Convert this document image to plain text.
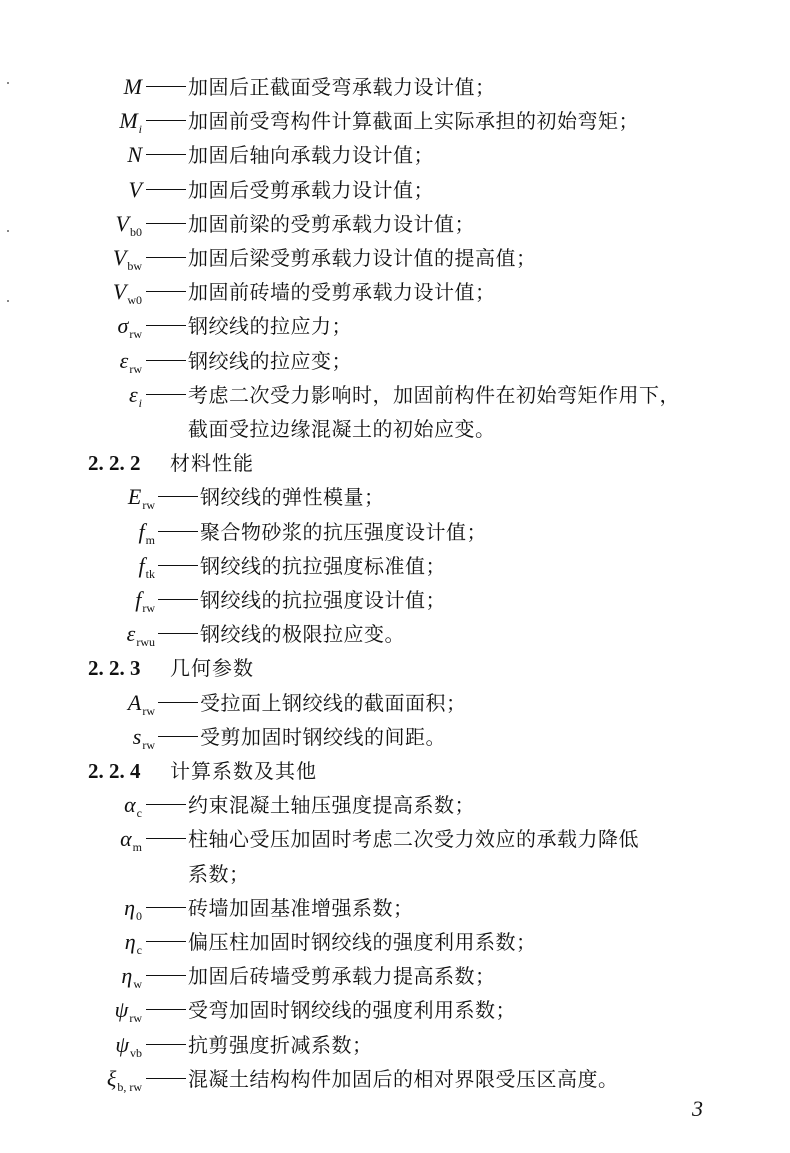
M 加固后正截面受弯承载力设计值；
$M_i$ 加固前受弯构件计算截面上实际承担的初始弯矩；
N 加固后轴向承载力设计值；
V 加固后受剪承载力设计值；
$V_{b0}$ 加固前梁的受剪承载力设计值；
$V_{bw}$ 加固后梁受剪承载力设计值的提高值；
$V_{w0}$ 加固前砖墙的受剪承载力设计值；
$\sigma_{rw}$ 钢绞线的拉应力；
$\varepsilon_{rw}$ 钢绞线的拉应变；
$\varepsilon_i$ 考虑二次受力影响时，加固前构件在初始弯矩作用下，
截面受拉边缘混凝土的初始应变。
2. 2. 2 材料性能
$E_{rw}$ 钢绞线的弹性模量；
$f_m$ 聚合物砂浆的抗压强度设计值；
$f_{tk}$ 钢绞线的抗拉强度标准值；
$f_{rw}$ 钢绞线的抗拉强度设计值；
$\varepsilon_{rwu}$ 钢绞线的极限拉应变。
2. 2. 3 几何参数
$A_{rw}$ 受拉面上钢绞线的截面面积；
$s_{rw}$ 受剪加固时钢绞线的间距。
2. 2. 4 计算系数及其他
$\alpha_c$ 约束混凝土轴压强度提高系数；
$\alpha_m$ 柱轴心受压加固时考虑二次受力效应的承载力降低
系数；
$\eta_0$ 砖墙加固基准增强系数；
$\eta_c$ 偏压柱加固时钢绞线的强度利用系数；
$\eta_w$ 加固后砖墙受剪承载力提高系数；
$\psi_{rw}$ 受弯加固时钢绞线的强度利用系数；
$\psi_{vb}$ 抗剪强度折减系数；
$\xi_{b, rw}$ 混凝土结构构件加固后的相对界限受压区高度。
3
